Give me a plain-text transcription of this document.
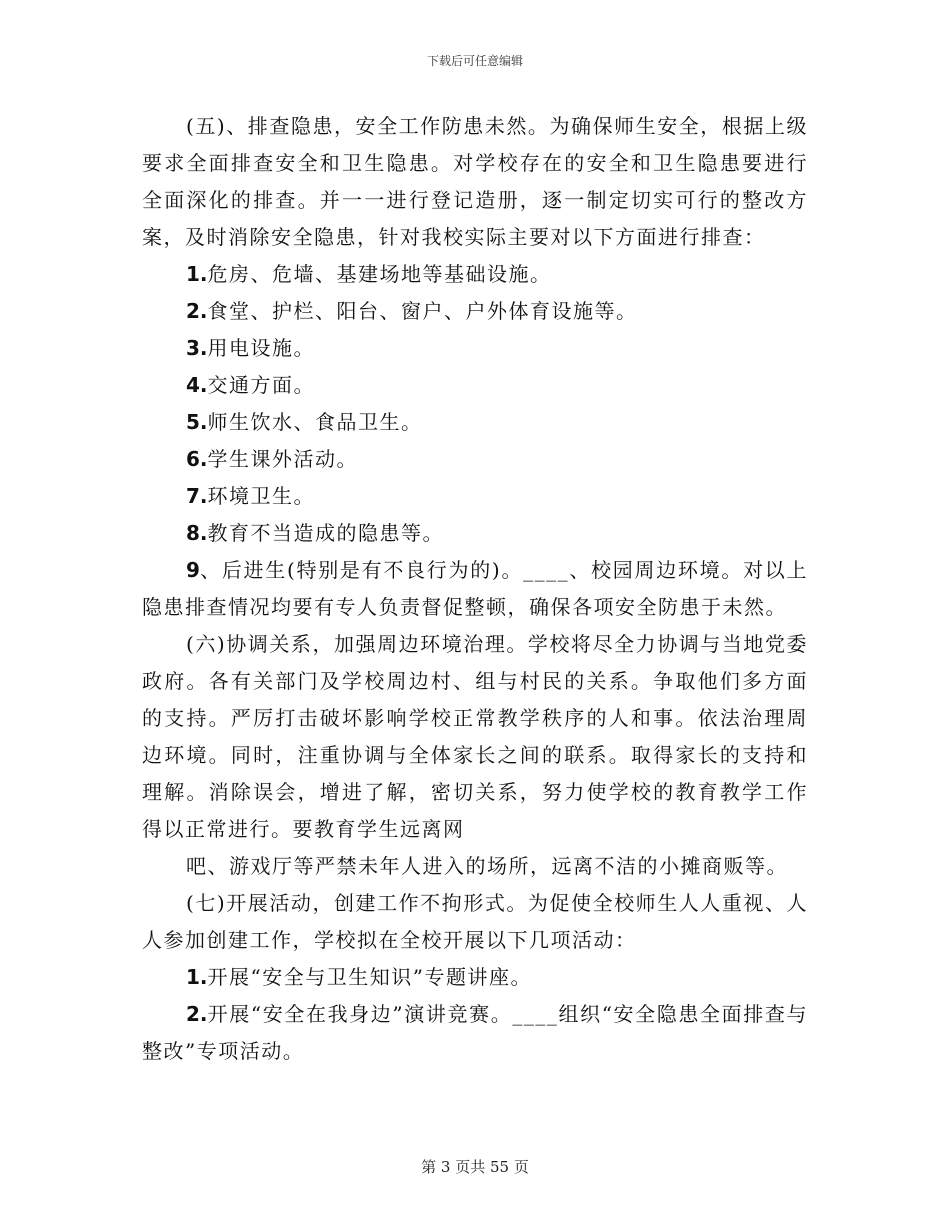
下载后可任意编辑

(五)、排查隐患，安全工作防患未然。为确保师生安全，根据上级要求全面排查安全和卫生隐患。对学校存在的安全和卫生隐患要进行全面深化的排查。并一一进行登记造册，逐一制定切实可行的整改方案，及时消除安全隐患，针对我校实际主要对以下方面进行排查：

1.危房、危墙、基建场地等基础设施。

2.食堂、护栏、阳台、窗户、户外体育设施等。

3.用电设施。

4.交通方面。

5.师生饮水、食品卫生。

6.学生课外活动。

7.环境卫生。

8.教育不当造成的隐患等。

9、后进生(特别是有不良行为的)。____、校园周边环境。对以上隐患排查情况均要有专人负责督促整顿，确保各项安全防患于未然。

(六)协调关系，加强周边环境治理。学校将尽全力协调与当地党委政府。各有关部门及学校周边村、组与村民的关系。争取他们多方面的支持。严厉打击破坏影响学校正常教学秩序的人和事。依法治理周边环境。同时，注重协调与全体家长之间的联系。取得家长的支持和理解。消除误会，增进了解，密切关系，努力使学校的教育教学工作得以正常进行。要教育学生远离网

吧、游戏厅等严禁未年人进入的场所，远离不洁的小摊商贩等。

(七)开展活动，创建工作不拘形式。为促使全校师生人人重视、人人参加创建工作，学校拟在全校开展以下几项活动：

1.开展“安全与卫生知识”专题讲座。

2.开展“安全在我身边”演讲竞赛。____组织“安全隐患全面排查与整改”专项活动。

第 3 页共 55 页
